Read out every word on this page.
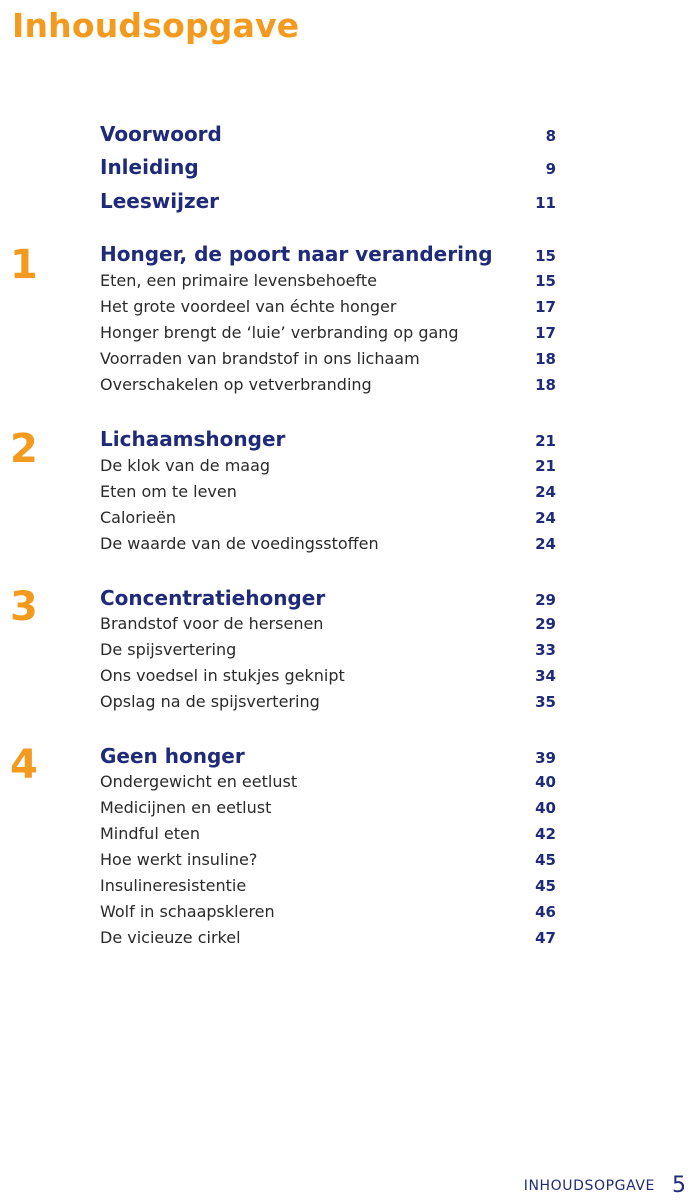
Inhoudsopgave
Voorwoord	8
Inleiding	9
Leeswijzer	11
1	Honger, de poort naar verandering	15
Eten, een primaire levensbehoefte	15
Het grote voordeel van échte honger	17
Honger brengt de ‘luie’ verbranding op gang	17
Voorraden van brandstof in ons lichaam	18
Overschakelen op vetverbranding	18
2	Lichaamshonger	21
De klok van de maag	21
Eten om te leven	24
Calorieën	24
De waarde van de voedingsstoffen	24
3	Concentratiehonger	29
Brandstof voor de hersenen	29
De spijsvertering	33
Ons voedsel in stukjes geknipt	34
Opslag na de spijsvertering	35
4	Geen honger	39
Ondergewicht en eetlust	40
Medicijnen en eetlust	40
Mindful eten	42
Hoe werkt insuline?	45
Insulineresistentie	45
Wolf in schaapskleren	46
De vicieuze cirkel	47
INHOUDSOPGAVE 5
